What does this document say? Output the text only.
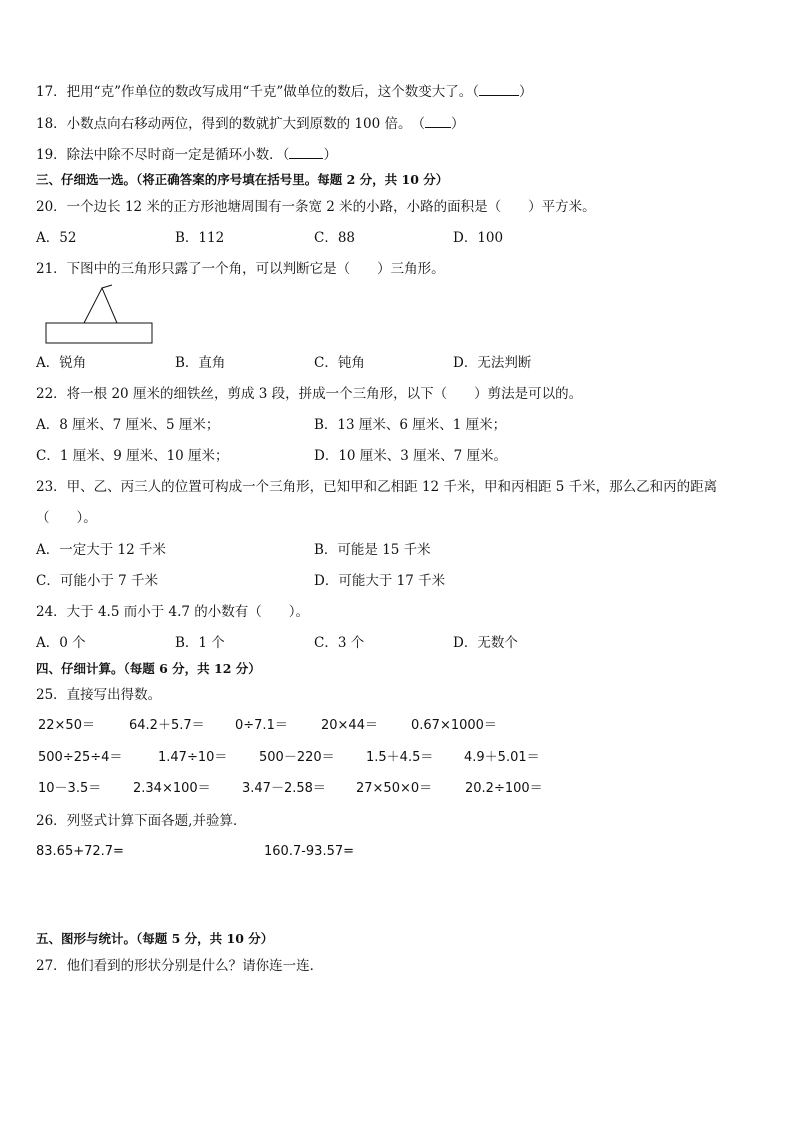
17．把用“克”作单位的数改写成用“千克”做单位的数后，这个数变大了。（	）
18．小数点向右移动两位，得到的数就扩大到原数的 100 倍。　（ ）
19．除法中除不尽时商一定是循环小数．（	）
三、仔细选一选。（将正确答案的序号填在括号里。每题 2 分，共 10 分）
20．一个边长 12 米的正方形池塘周围有一条宽 2 米的小路，小路的面积是（　　）平方米。
A．52	B．112	C．88	D．100
21．下图中的三角形只露了一个角，可以判断它是（　　）三角形。
A．锐角	B．直角	C．钝角	D．无法判断
22．将一根 20 厘米的细铁丝，剪成 3 段，拼成一个三角形，以下（　　）剪法是可以的。
A．8 厘米、7 厘米、5 厘米；	B．13 厘米、6 厘米、1 厘米；
C．1 厘米、9 厘米、10 厘米；	D．10 厘米、3 厘米、7 厘米。
23．甲、乙、丙三人的位置可构成一个三角形，已知甲和乙相距 12 千米，甲和丙相距 5 千米，那么乙和丙的距离
（　　）。
A．一定大于 12 千米	B．可能是 15 千米
C．可能小于 7 千米	D．可能大于 17 千米
24．大于 4.5 而小于 4.7 的小数有（　　）。
A．0 个	B．1 个	C．3 个	D．无数个
四、仔细计算。（每题 6 分，共 12 分）
25．直接写出得数。
22×50＝	64.2＋5.7＝ 0÷7.1＝	20×44＝	0.67×1000＝
500÷25÷4＝	1.47÷10＝ 500－220＝ 1.5＋4.5＝ 4.9＋5.01＝
10－3.5＝ 2.34×100＝ 3.47－2.58＝ 27×50×0＝	20.2÷100＝
26．列竖式计算下面各题,并验算．
83.65+72.7=	160.7-93.57=
五、图形与统计。（每题 5 分，共 10 分）
27．他们看到的形状分别是什么？请你连一连．
